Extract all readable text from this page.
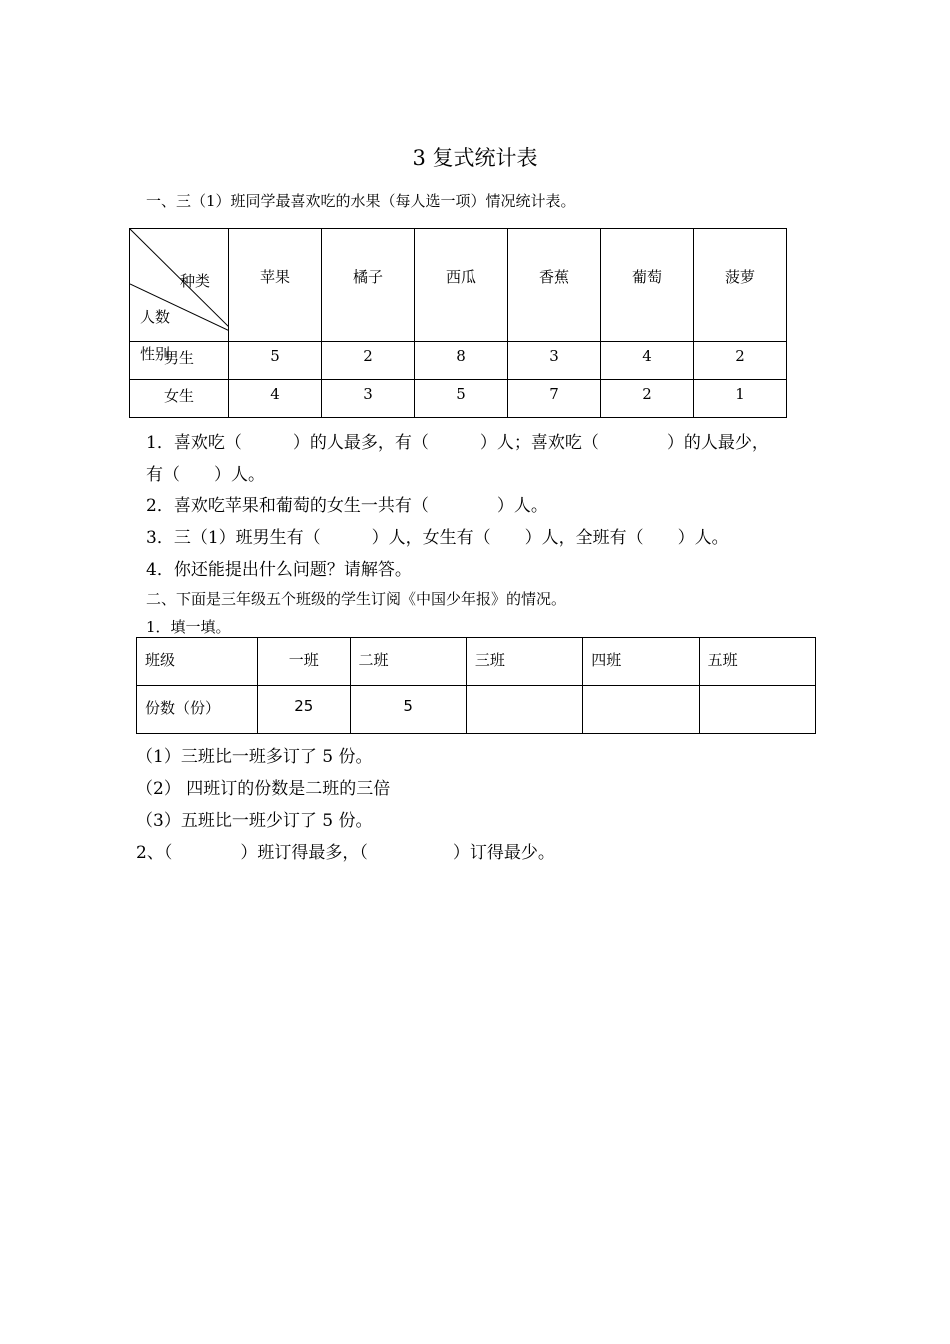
3 复式统计表
一、三（1）班同学最喜欢吃的水果（每人选一项）情况统计表。
种类
人数
性别	苹果	橘子	西瓜	香蕉	葡萄	菠萝

男生	5	2	8	3	4	2

女生	4	3	5	7	2	1
1．喜欢吃（　　　）的人最多，有（　　　）人；喜欢吃（　　　　）的人最少，
有（　　）人。
2．喜欢吃苹果和葡萄的女生一共有（　　　　）人。
3．三（1）班男生有（　　　）人，女生有（　　）人，全班有（　　）人。
4．你还能提出什么问题？请解答。
二、下面是三年级五个班级的学生订阅《中国少年报》的情况。
1．填一填。
班级	一班	二班	三班	四班	五班

份数（份）	25	5			

（1）三班比一班多订了 5 份。
（2） 四班订的份数是二班的三倍
（3）五班比一班少订了 5 份。
2、（　　　　）班订得最多，（　　　　　）订得最少。
